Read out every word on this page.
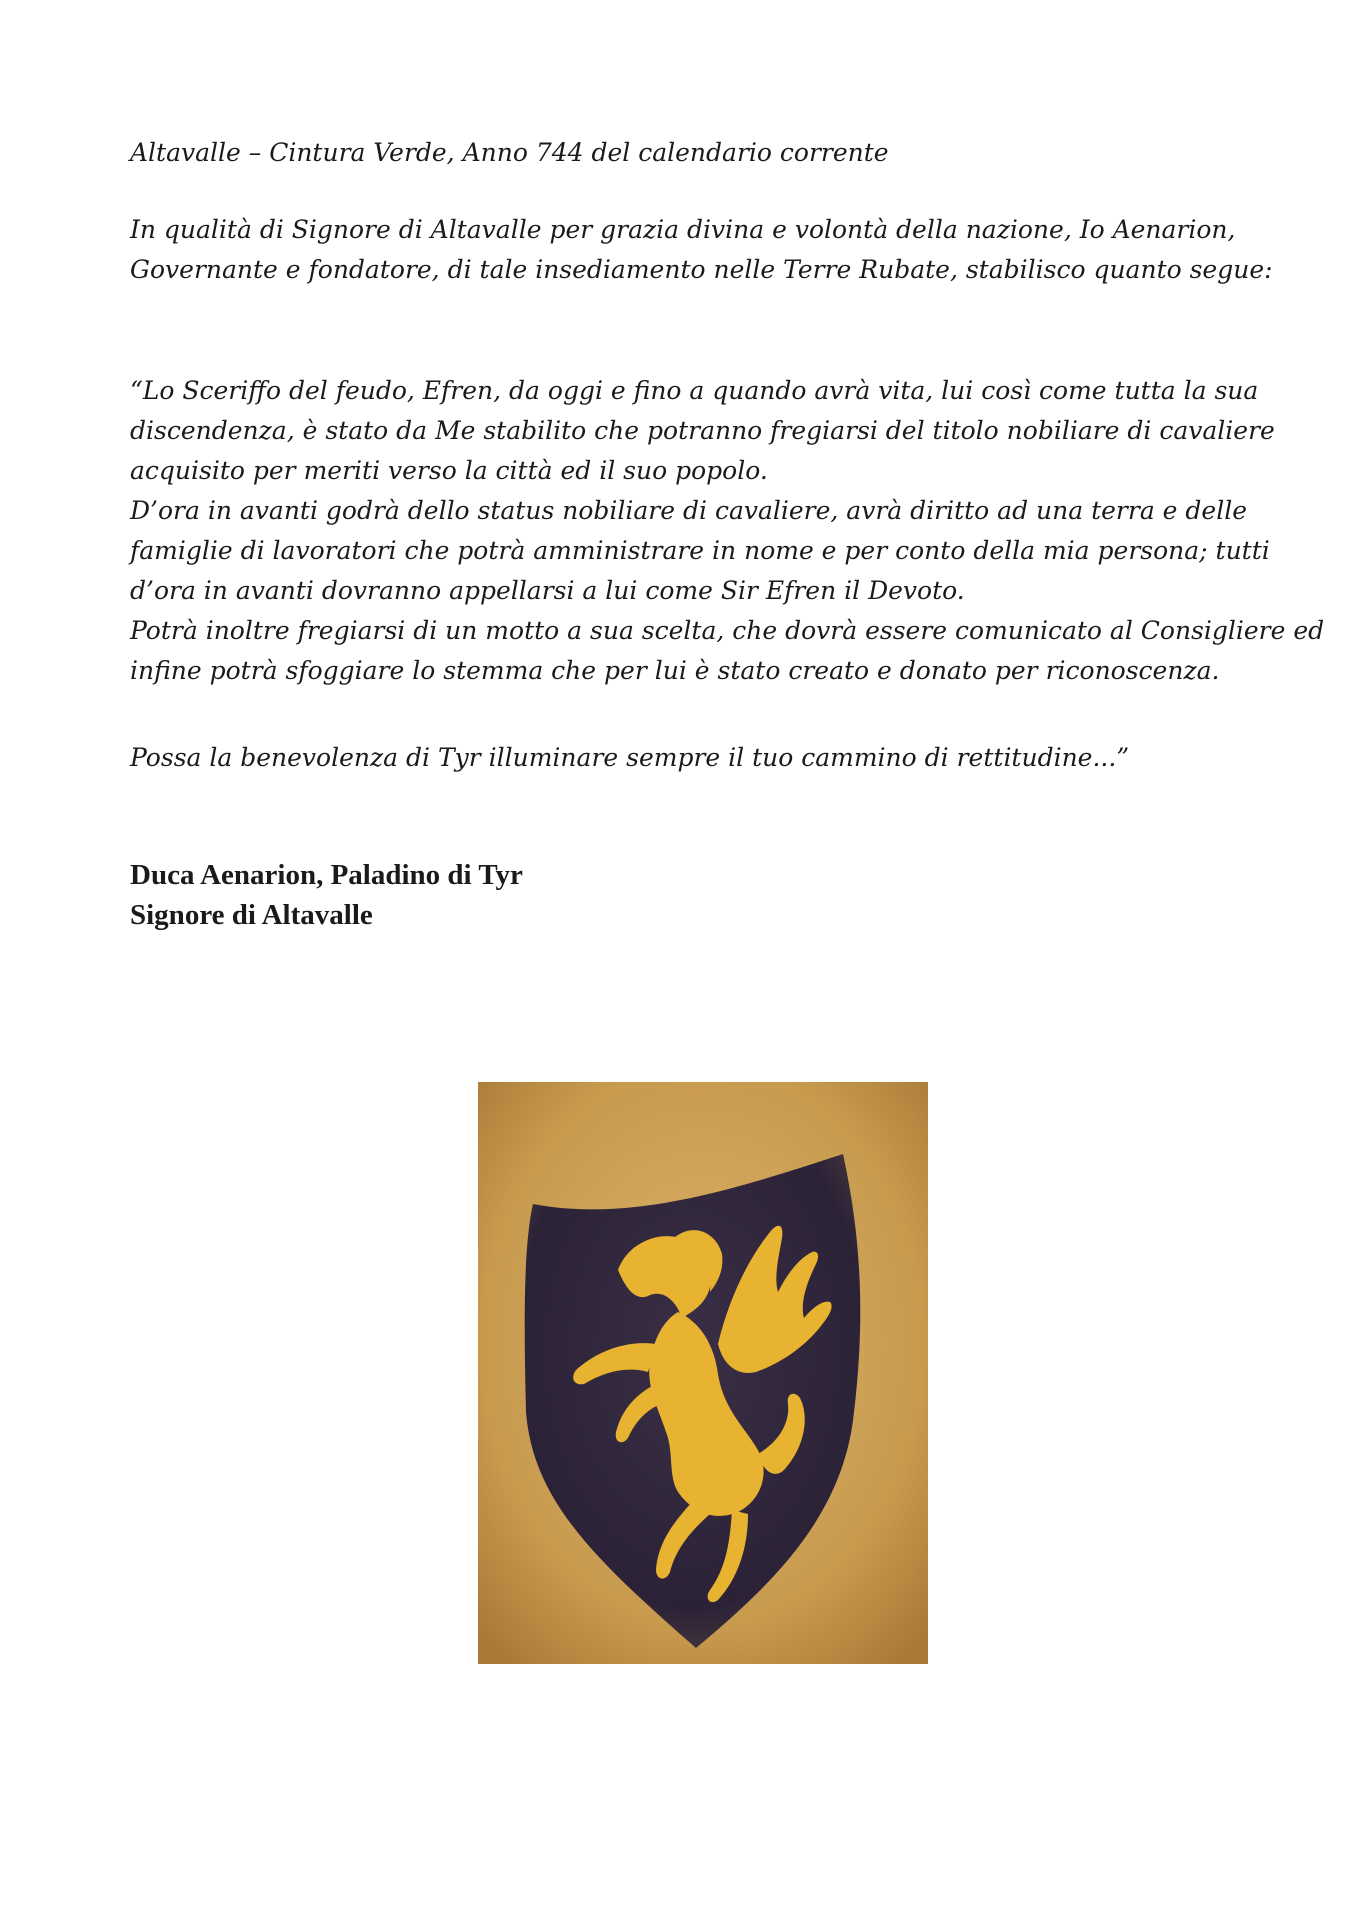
Altavalle – Cintura Verde, Anno 744 del calendario corrente

In qualità di Signore di Altavalle per grazia divina e volontà della nazione, Io Aenarion,
Governante e fondatore, di tale insediamento nelle Terre Rubate, stabilisco quanto segue:

“Lo Sceriffo del feudo, Efren, da oggi e fino a quando avrà vita, lui così come tutta la sua
discendenza, è stato da Me stabilito che potranno fregiarsi del titolo nobiliare di cavaliere
acquisito per meriti verso la città ed il suo popolo.
D’ora in avanti godrà dello status nobiliare di cavaliere, avrà diritto ad una terra e delle
famiglie di lavoratori che potrà amministrare in nome e per conto della mia persona; tutti
d’ora in avanti dovranno appellarsi a lui come Sir Efren il Devoto.
Potrà inoltre fregiarsi di un motto a sua scelta, che dovrà essere comunicato al Consigliere ed
infine potrà sfoggiare lo stemma che per lui è stato creato e donato per riconoscenza.

Possa la benevolenza di Tyr illuminare sempre il tuo cammino di rettitudine...”

Duca Aenarion, Paladino di Tyr
Signore di Altavalle
